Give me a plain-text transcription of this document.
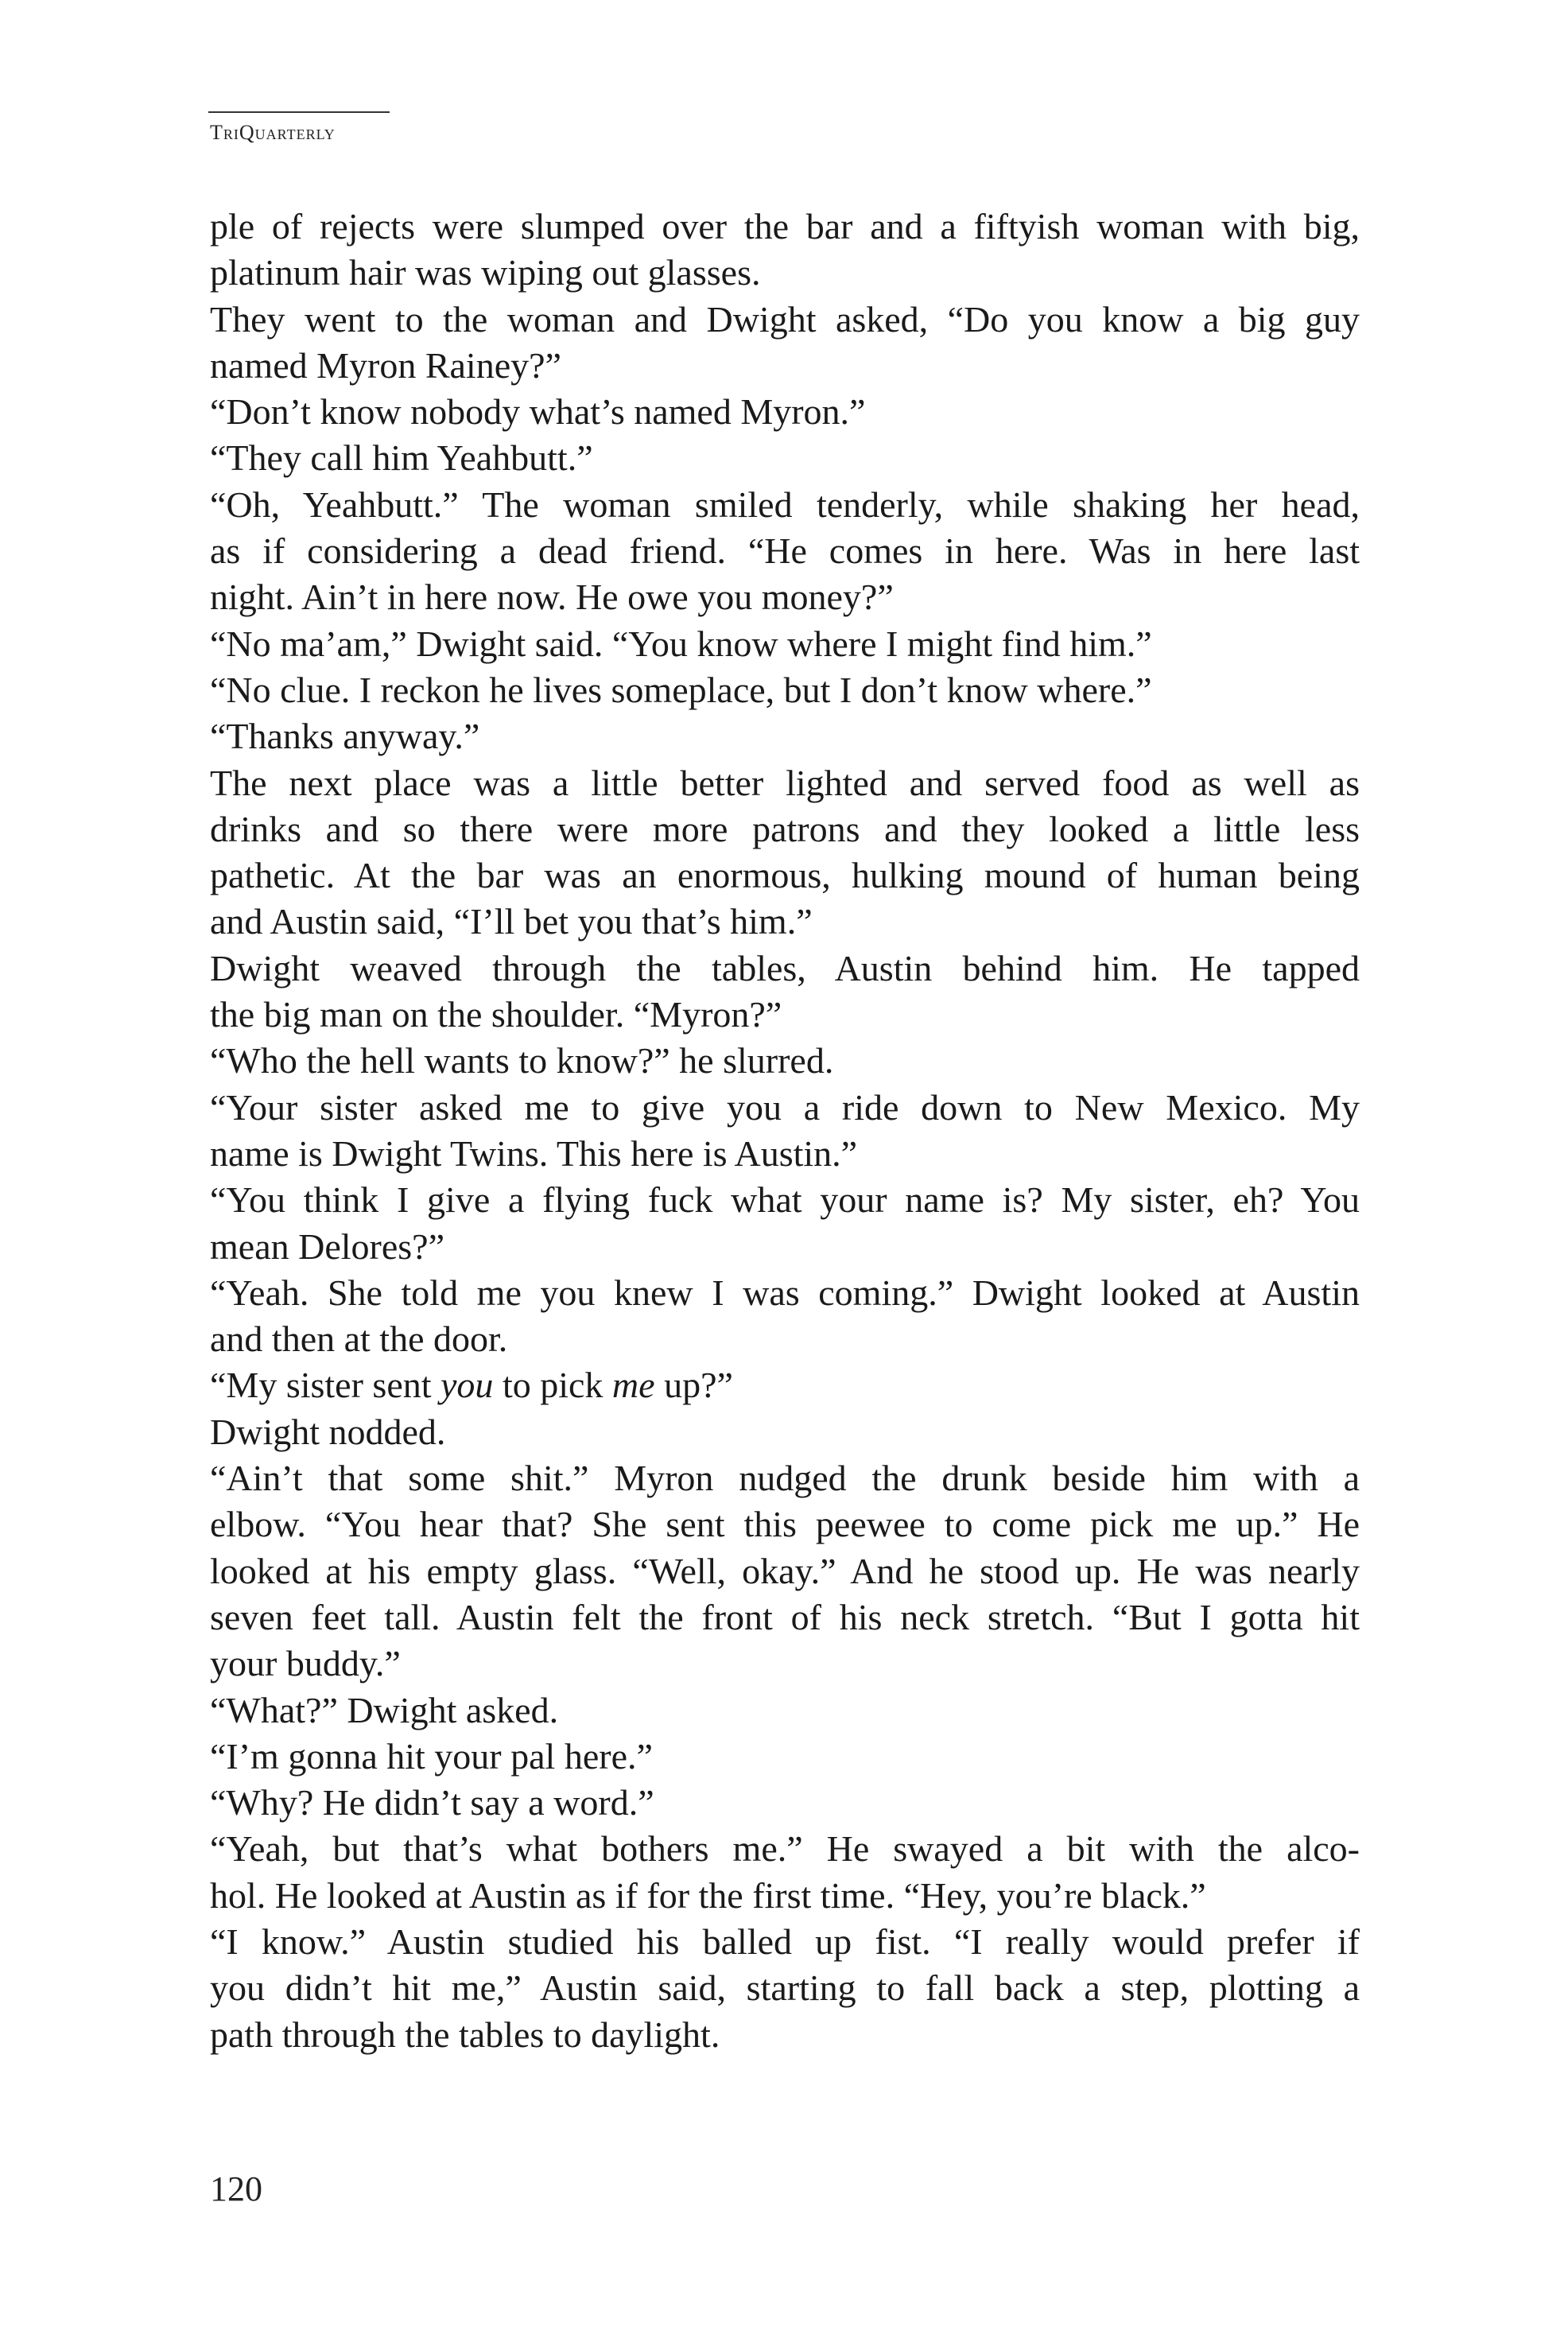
TriQuarterly
ple of rejects were slumped over the bar and a fiftyish woman with big,
platinum hair was wiping out glasses.
They went to the woman and Dwight asked, “Do you know a big guy
named Myron Rainey?”
“Don’t know nobody what’s named Myron.”
“They call him Yeahbutt.”
“Oh, Yeahbutt.” The woman smiled tenderly, while shaking her head,
as if considering a dead friend. “He comes in here. Was in here last
night. Ain’t in here now. He owe you money?”
“No ma’am,” Dwight said. “You know where I might find him.”
“No clue. I reckon he lives someplace, but I don’t know where.”
“Thanks anyway.”
The next place was a little better lighted and served food as well as
drinks and so there were more patrons and they looked a little less
pathetic. At the bar was an enormous, hulking mound of human being
and Austin said, “I’ll bet you that’s him.”
Dwight weaved through the tables, Austin behind him. He tapped
the big man on the shoulder. “Myron?”
“Who the hell wants to know?” he slurred.
“Your sister asked me to give you a ride down to New Mexico. My
name is Dwight Twins. This here is Austin.”
“You think I give a flying fuck what your name is? My sister, eh? You
mean Delores?”
“Yeah. She told me you knew I was coming.” Dwight looked at Austin
and then at the door.
“My sister sent you to pick me up?”
Dwight nodded.
“Ain’t that some shit.” Myron nudged the drunk beside him with a
elbow. “You hear that? She sent this peewee to come pick me up.” He
looked at his empty glass. “Well, okay.” And he stood up. He was nearly
seven feet tall. Austin felt the front of his neck stretch. “But I gotta hit
your buddy.”
“What?” Dwight asked.
“I’m gonna hit your pal here.”
“Why? He didn’t say a word.”
“Yeah, but that’s what bothers me.” He swayed a bit with the alco-
hol. He looked at Austin as if for the first time. “Hey, you’re black.”
“I know.” Austin studied his balled up fist. “I really would prefer if
you didn’t hit me,” Austin said, starting to fall back a step, plotting a
path through the tables to daylight.
120
